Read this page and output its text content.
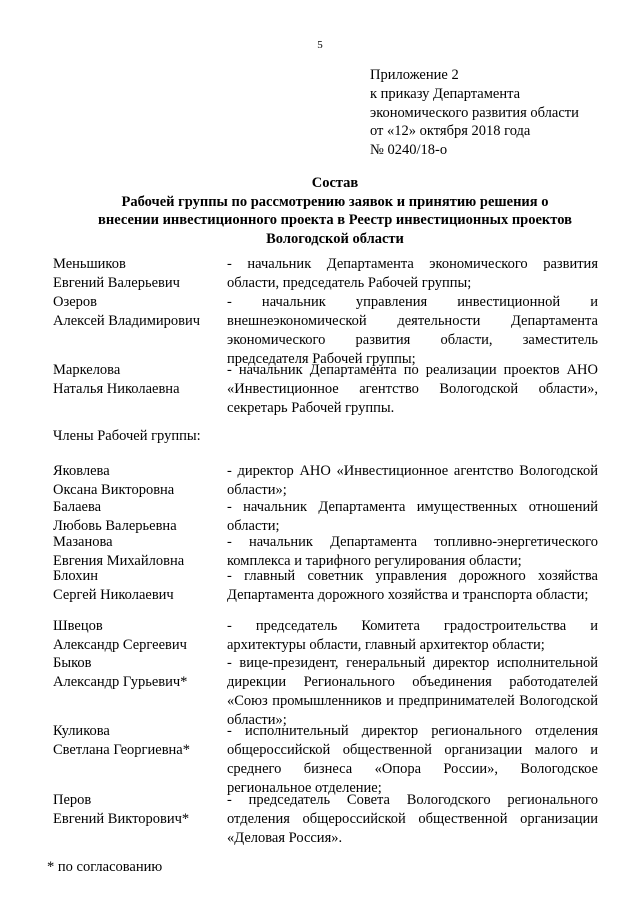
5
Приложение 2
к приказу Департамента
экономического развития области
от «12» октября 2018 года
№ 0240/18-о
Состав
Рабочей группы по рассмотрению заявок и принятию решения о
внесении инвестиционного проекта в Реестр инвестиционных проектов
Вологодской области
Меньшиков
Евгений Валерьевич
- начальник Департамента экономического развития области, председатель Рабочей группы;
Озеров
Алексей Владимирович
- начальник управления инвестиционной и внешнеэкономической деятельности Департамента экономического развития области, заместитель председателя Рабочей группы;
Маркелова
Наталья Николаевна
- начальник Департамента по реализации проектов АНО «Инвестиционное агентство Вологодской области», секретарь Рабочей группы.
Члены Рабочей группы:
Яковлева
Оксана Викторовна
- директор АНО «Инвестиционное агентство Вологодской области»;
Балаева
Любовь Валерьевна
- начальник Департамента имущественных отношений области;
Мазанова
Евгения Михайловна
- начальник Департамента топливно-энергетического комплекса и тарифного регулирования области;
Блохин
Сергей Николаевич
- главный советник управления дорожного хозяйства Департамента дорожного хозяйства и транспорта области;
Швецов
Александр Сергеевич
- председатель Комитета градостроительства и архитектуры области, главный архитектор области;
Быков
Александр Гурьевич*
- вице-президент, генеральный директор исполнительной дирекции Регионального объединения работодателей «Союз промышленников и предпринимателей Вологодской области»;
Куликова
Светлана Георгиевна*
- исполнительный директор регионального отделения общероссийской общественной организации малого и среднего бизнеса «Опора России», Вологодское региональное отделение;
Перов
Евгений Викторович*
- председатель Совета Вологодского регионального отделения общероссийской общественной организации «Деловая Россия».
* по согласованию
